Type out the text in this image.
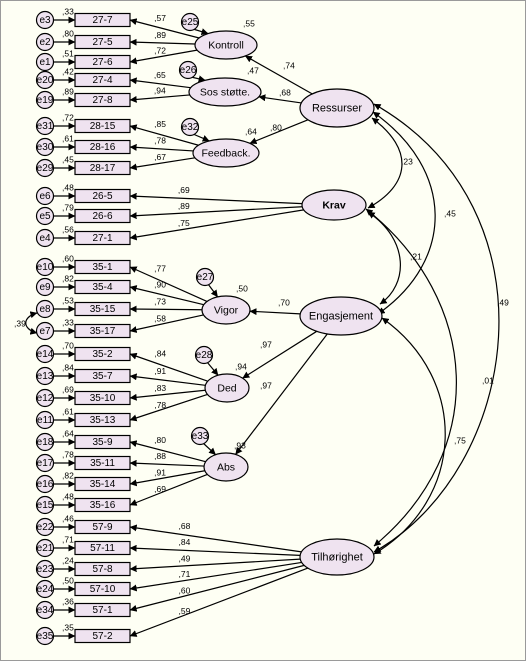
e3	27-7
,33
,57
e2	27-5
,80	,89
e1	27-6
,51	,72
e20	27-4
,42	,65
e19	27-8
,89	,94
e31	28-15
,72
,85
e30	28-16
,61	,78
e29	28-17
,45	,67
e6	26-5
,48	,69
e5	26-6
,79	,89
e4	27-1
,56
,75
e10	35-1
,60
,77
e9	35-4
,82
,90
e8	35-15
,53	,73
e7	35-17
,33	,58
e14	35-2
,70
,84
e13	35-7
,84	,91
e12	35-10
,69	,83
e11	35-13
,61
,78
e18	35-9
,64
,80
e17	35-11
,78	,88
e16	35-14
,82	,91
e15	35-16
,48
,69
e22	57-9
,46
,68
e21	57-11
,71	,84
e23	57-8
,24	,49
e24	57-10
,50
,71
e34	57-1
,36
,60
e35	57-2
,35
,59
,74
,68
,80
,70
,97
,97
,23
,45
,49
,21
,01
,75
,39
Kontroll
e25	,55
Sos støtte.
e26	,47
Feedback.
e32	,64
Ressurser
Krav
Vigor
e27
,50
Engasjement
Ded
e28
,94
Abs
e33
,93
Tilhørighet
